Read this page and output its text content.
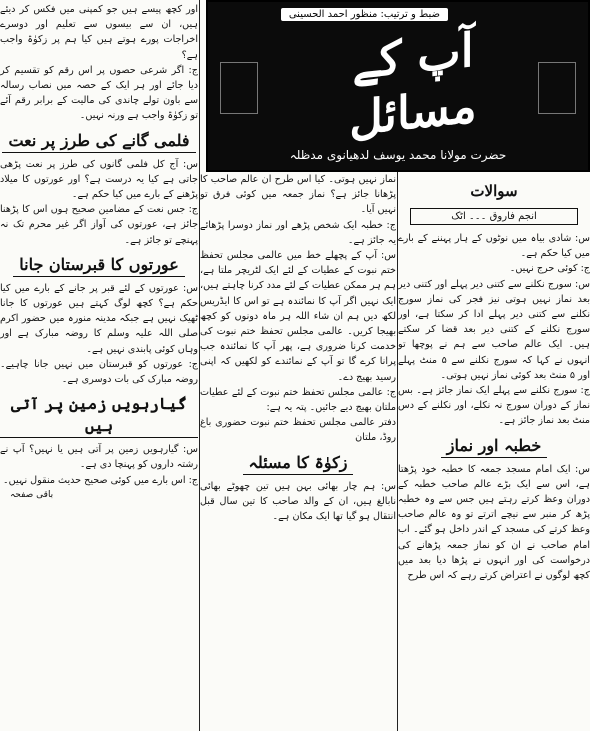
ضبط و ترتیب: منظور احمد الحسینی
آپ کے مسائل
حضرت مولانا محمد یوسف لدھیانوی مدظلہ
سوالات
انجم فاروق ۔۔۔ اٹک

س: شادی بیاہ میں نوٹوں کے ہار پہننے کے بارے میں کیا حکم ہے۔

ج: کوئی حرج نہیں۔

س: سورج نکلنے سے کتنی دیر پہلے اور کتنی دیر بعد نماز نہیں ہوتی نیز فجر کی نماز سورج نکلنے سے کتنی دیر پہلے ادا کر سکتا ہے، اور سورج نکلنے کے کتنی دیر بعد قضا کر سکتے ہیں۔ ایک عالم صاحب سے ہم نے پوچھا تو انہوں نے کہا کہ سورج نکلنے سے ۵ منٹ پہلے اور ۵ منٹ بعد کوئی نماز نہیں ہوتی۔

ج: سورج نکلنے سے پہلے ایک نماز جائز ہے۔ بس نماز کے دوران سورج نہ نکلے، اور نکلنے کے دس منٹ بعد نماز جائز ہے۔

خطبہ اور نماز

س: ایک امام مسجد جمعہ کا خطبہ خود پڑھتا ہے، اس سے ایک بڑے عالم صاحب خطبہ کے دوران وعظ کرتے رہتے ہیں جس سے وہ خطبہ پڑھ کر منبر سے نیچے اترتے تو وہ عالم صاحب وعظ کرتے کی مسجد کے اندر داخل ہو گئے۔ اب امام صاحب نے ان کو نماز جمعہ پڑھانے کی درخواست کی اور انہوں نے پڑھا دیا بعد میں کچھ لوگوں نے اعتراض کرتے رہے کہ اس طرح

نماز نہیں ہوتی۔ کیا اس طرح ان عالم صاحب کا پڑھانا جائز ہے؟ نماز جمعہ میں کوئی فرق تو نہیں آیا۔

ج: خطبہ ایک شخص پڑھے اور نماز دوسرا پڑھائے یہ جائز ہے۔

س: آپ کے پچھلے خط میں عالمی مجلس تحفظ ختم نبوت کے عطیات کے لئے ایک لٹریچر ملتا ہے، ہم ہر ممکن عطیات کے لئے مدد کرنا چاہتے ہیں، ایک نہیں اگر آپ کا نمائندہ ہے تو اس کا ایڈریس لکھ دیں ہم ان شاء اللہ ہر ماہ دونوں کو کچھ بھیجا کریں۔ عالمی مجلس تحفظ ختم نبوت کی خدمت کرنا ضروری ہے، پھر آپ کا نمائندہ جب پرانا کرے گا تو آپ کے نمائندے کو لکھیں کہ اپنی رسید بھیج دے۔

ج: عالمی مجلس تحفظ ختم نبوت کے لئے عطیات ملتان بھیج دیے جائیں۔ پتہ یہ ہے:

دفتر عالمی مجلس تحفظ ختم نبوت حضوری باغ روڈ، ملتان

زکوٰۃ کا مسئلہ

س: ہم چار بھائی بہن ہیں تین چھوٹے بھائی نابالغ ہیں، ان کے والد صاحب کا تین سال قبل انتقال ہو گیا تھا ایک مکان ہے۔

اور کچھ پیسے ہیں جو کمپنی میں فکس کر دیئے ہیں، ان سے بیسوں سے تعلیم اور دوسرے اخراجات پورے ہوتے ہیں کیا ہم پر زکوٰۃ واجب ہے؟

ج: اگر شرعی حصوں پر اس رقم کو تقسیم کر دیا جائے اور ہر ایک کے حصہ میں نصاب رسالہ سے باون تولے چاندی کی مالیت کے برابر رقم آئے تو زکوٰۃ واجب ہے ورنہ نہیں۔

فلمی گانے کی طرز پر نعت

س: آج کل فلمی گانوں کی طرز پر نعت پڑھی جاتی ہے کیا یہ درست ہے؟ اور عورتوں کا میلاد پڑھنے کے بارے میں کیا حکم ہے۔

ج: جس نعت کے مضامین صحیح ہوں اس کا پڑھنا جائز ہے، عورتوں کی آواز اگر غیر محرم تک نہ پہنچے تو جائز ہے۔

عورتوں کا قبرستان جانا

س: عورتوں کے لئے قبر پر جانے کے بارے میں کیا حکم ہے؟ کچھ لوگ کہتے ہیں عورتوں کا جانا ٹھیک نہیں ہے جبکہ مدینہ منورہ میں حضور اکرم صلی اللہ علیہ وسلم کا روضہ مبارک ہے اور وہاں کوئی پابندی نہیں ہے۔

ج: عورتوں کو قبرستان میں نہیں جانا چاہیے۔ روضہ مبارک کی بات دوسری ہے۔

گیارہویں زمین پر آتی ہیں

س: گیارہویں زمین پر آتی ہیں یا نہیں؟ آپ نے رشتہ داروں کو پہنچا دی ہے۔

ج: اس بارے میں کوئی صحیح حدیث منقول نہیں۔

باقی صفحہ
